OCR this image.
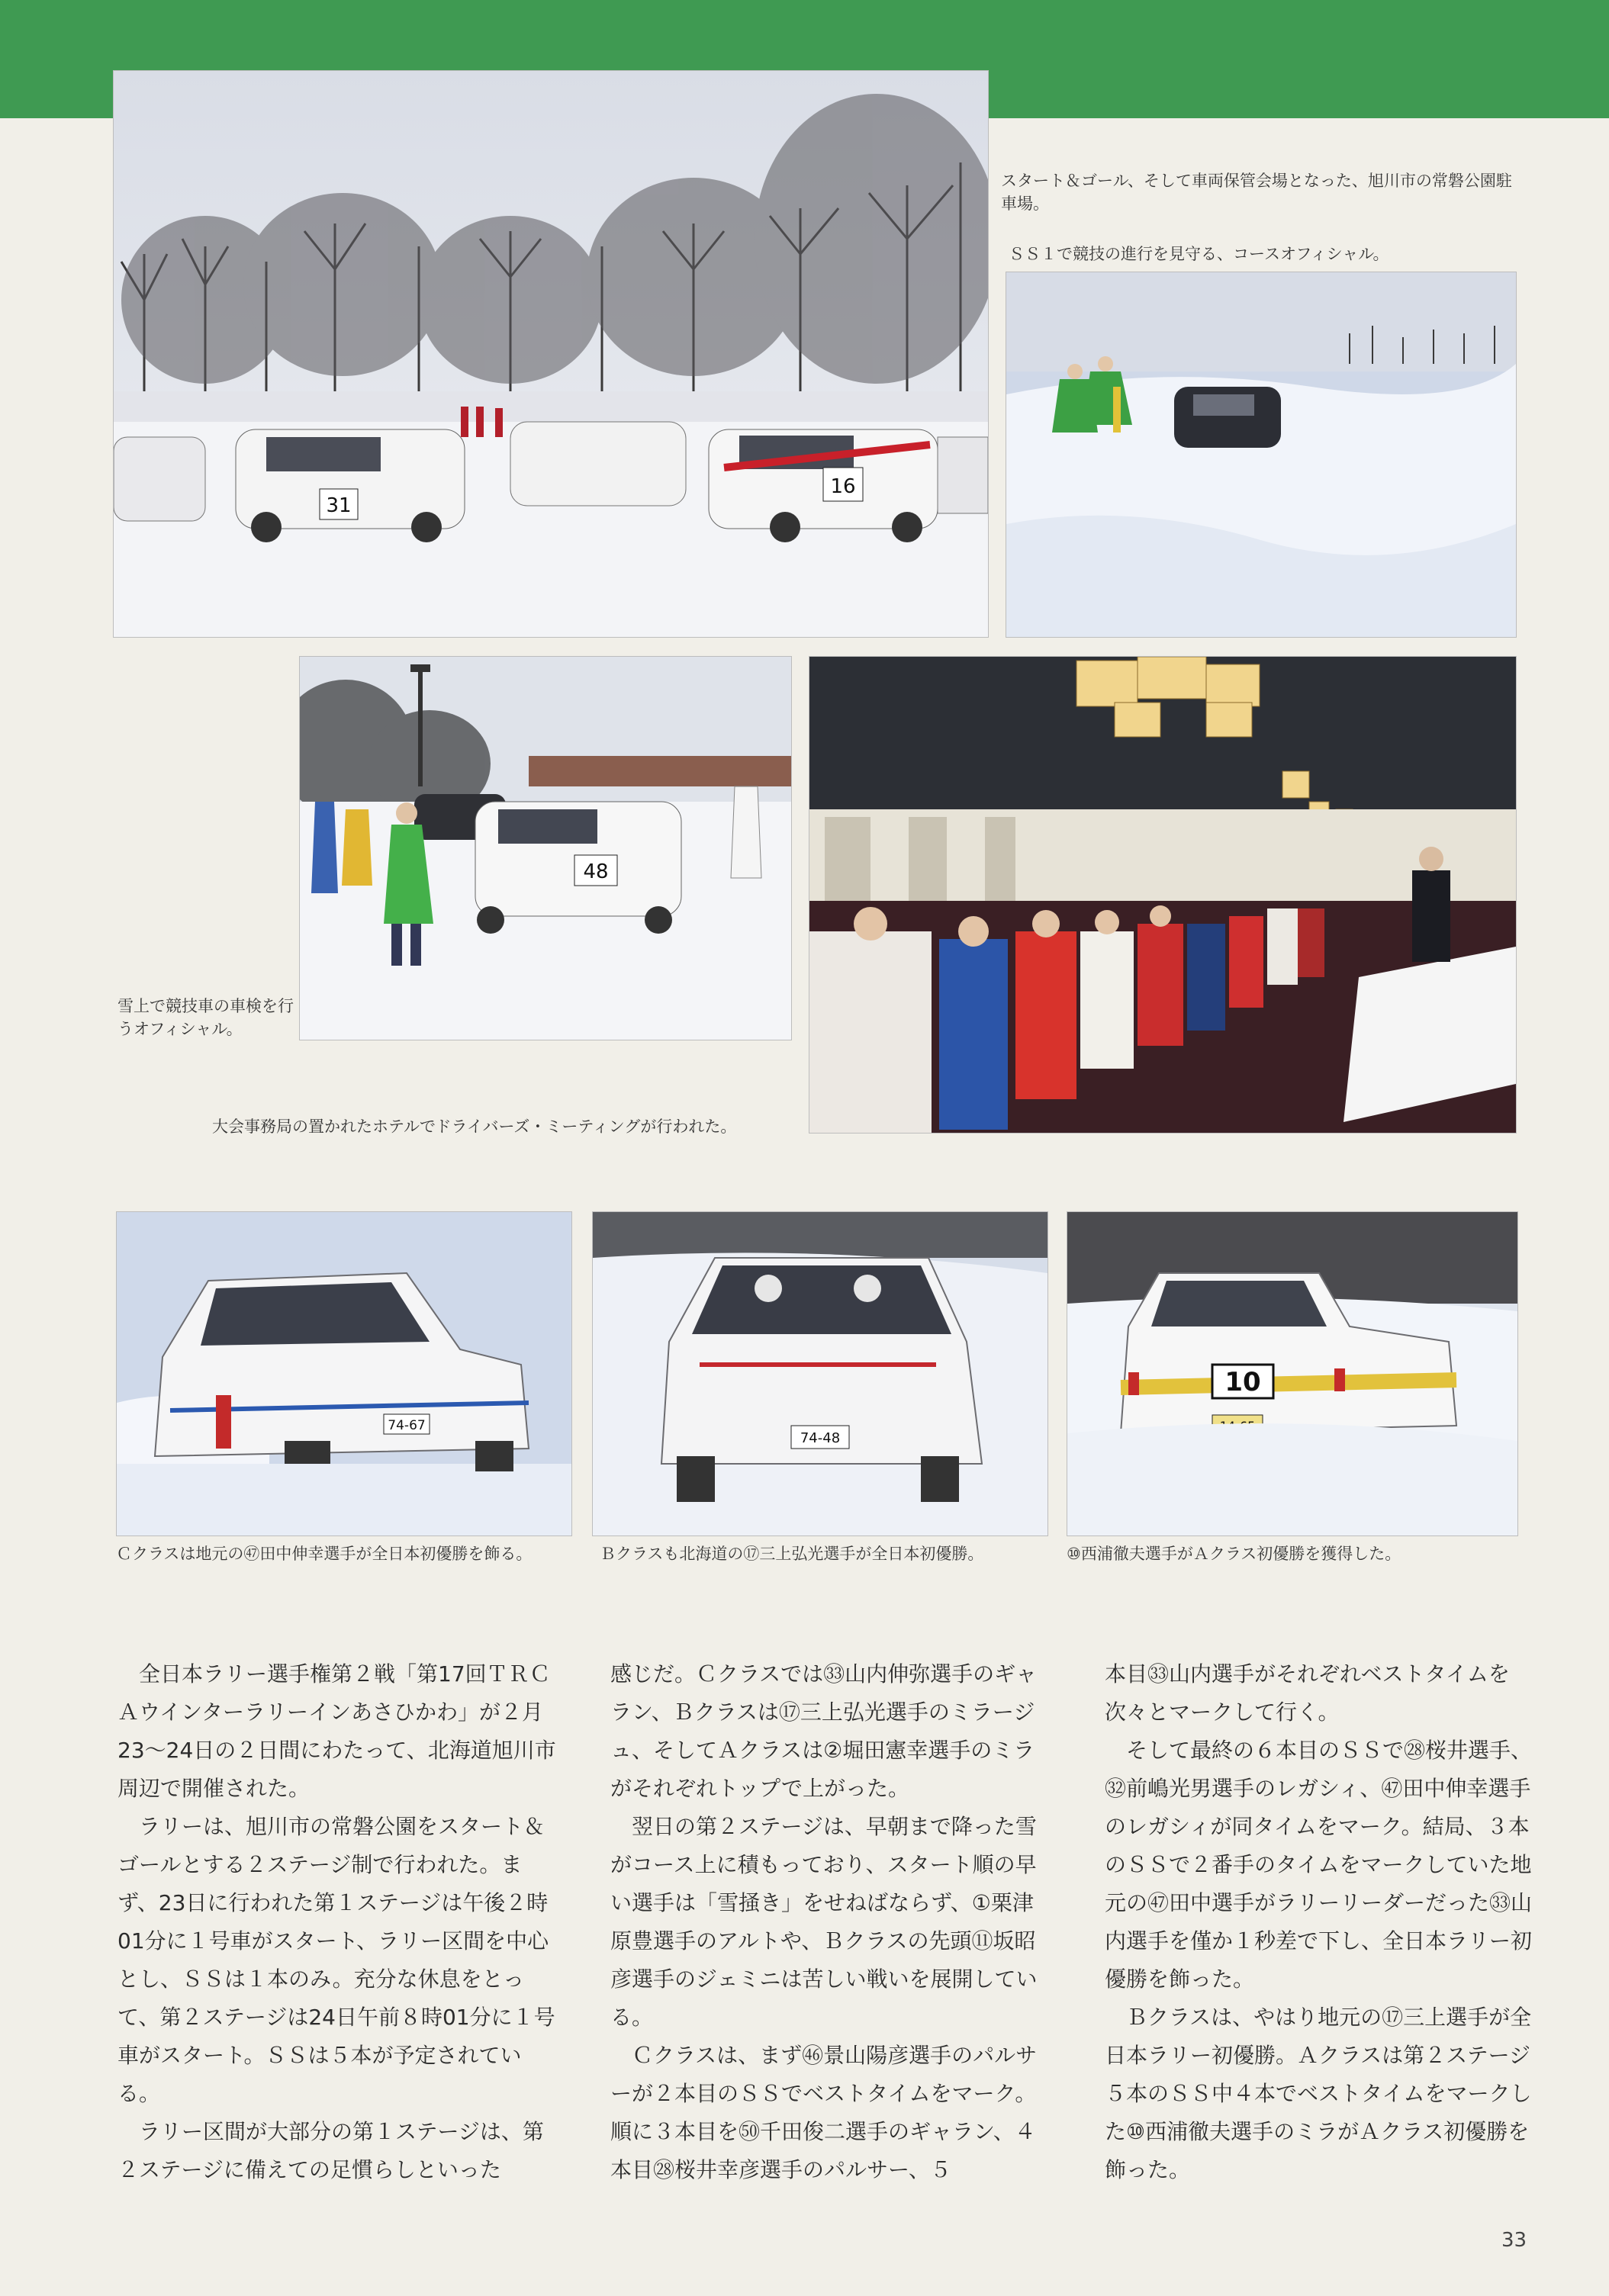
31
16
スタート＆ゴール、そして車両保管会場となった、旭川市の常磐公園駐車場。
ＳＳ１で競技の進行を見守る、コースオフィシャル。
48
雪上で競技車の車検を行うオフィシャル。
大会事務局の置かれたホテルでドライバーズ・ミーティングが行われた。
74-67
74-48
10
Ｃクラスは地元の㊼田中伸幸選手が全日本初優勝を飾る。	Ｂクラスも北海道の⑰三上弘光選手が全日本初優勝。	⑩西浦徹夫選手がＡクラス初優勝を獲得した。

全日本ラリー選手権第２戦「第17回ＴＲＣＡウインターラリーインあさひかわ」が２月23～24日の２日間にわたって、北海道旭川市周辺で開催された。

ラリーは、旭川市の常磐公園をスタート＆ゴールとする２ステージ制で行われた。まず、23日に行われた第１ステージは午後２時01分に１号車がスタート、ラリー区間を中心とし、ＳＳは１本のみ。充分な休息をとって、第２ステージは24日午前８時01分に１号車がスタート。ＳＳは５本が予定されている。

ラリー区間が大部分の第１ステージは、第２ステージに備えての足慣らしといった

感じだ。Ｃクラスでは㉝山内伸弥選手のギャラン、Ｂクラスは⑰三上弘光選手のミラージュ、そしてＡクラスは②堀田憲幸選手のミラがそれぞれトップで上がった。

翌日の第２ステージは、早朝まで降った雪がコース上に積もっており、スタート順の早い選手は「雪掻き」をせねばならず、①栗津原豊選手のアルトや、Ｂクラスの先頭⑪坂昭彦選手のジェミニは苦しい戦いを展開している。

Ｃクラスは、まず㊻景山陽彦選手のパルサーが２本目のＳＳでベストタイムをマーク。順に３本目を㊿千田俊二選手のギャラン、４本目㉘桜井幸彦選手のパルサー、５

本目㉝山内選手がそれぞれベストタイムを次々とマークして行く。

そして最終の６本目のＳＳで㉘桜井選手、㉜前嶋光男選手のレガシィ、㊼田中伸幸選手のレガシィが同タイムをマーク。結局、３本のＳＳで２番手のタイムをマークしていた地元の㊼田中選手がラリーリーダーだった㉝山内選手を僅か１秒差で下し、全日本ラリー初優勝を飾った。

Ｂクラスは、やはり地元の⑰三上選手が全日本ラリー初優勝。Ａクラスは第２ステージ５本のＳＳ中４本でベストタイムをマークした⑩西浦徹夫選手のミラがＡクラス初優勝を飾った。

33
